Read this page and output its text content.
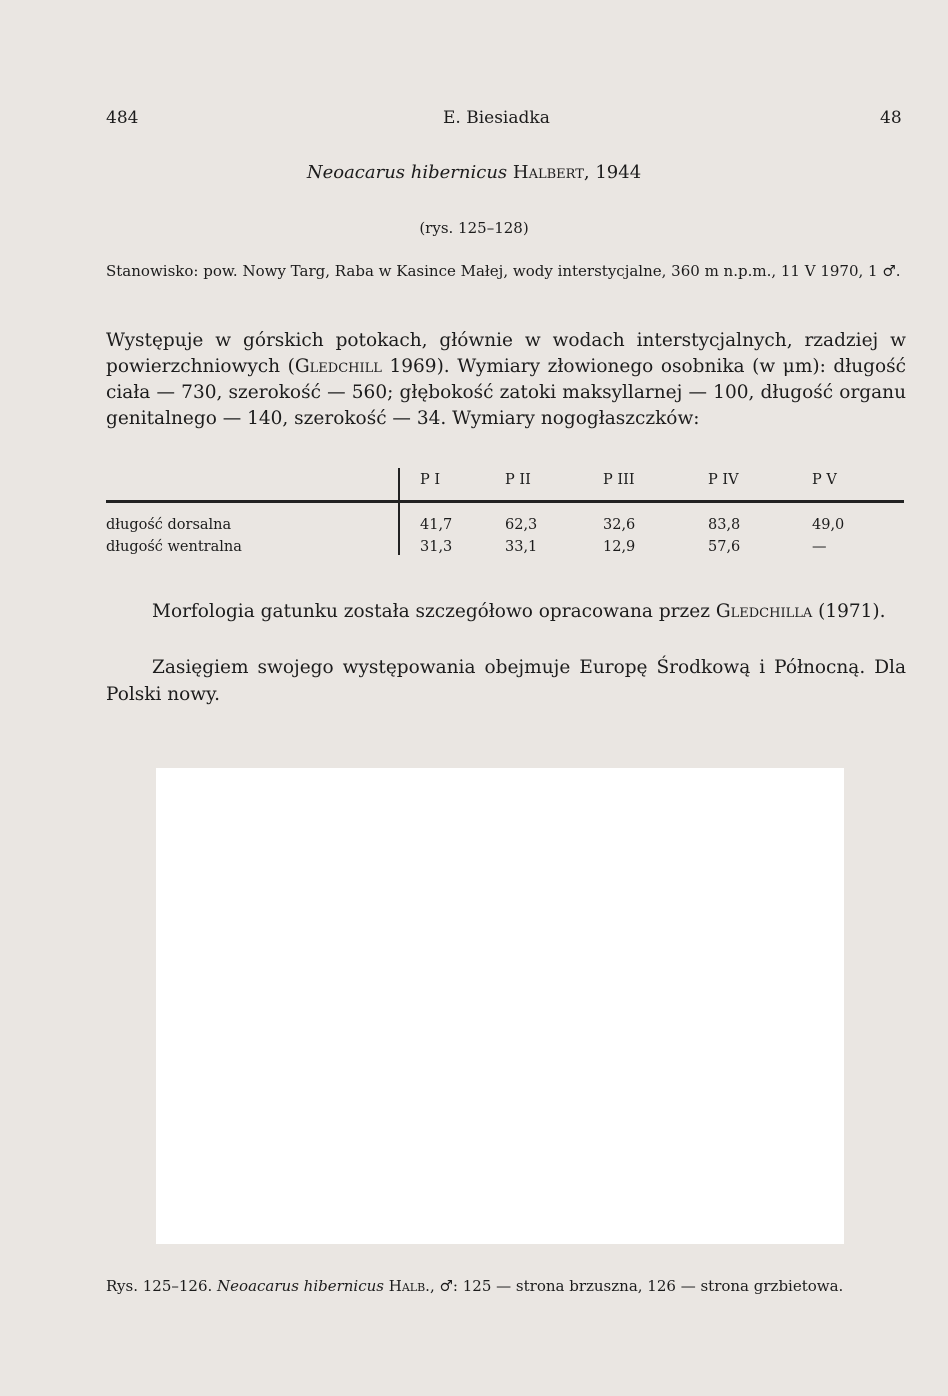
484	E. Biesiadka	48
Neoacarus hibernicus Halbert, 1944
(rys. 125–128)
Stanowisko: pow. Nowy Targ, Raba w Kasince Małej, wody interstycjalne, 360 m n.p.m., 11 V 1970, 1 ♂.
Występuje w górskich potokach, głównie w wodach interstycjalnych, rzadziej w powierzchniowych (Gledchill 1969). Wymiary złowionego osobnika (w μm): długość ciała — 730, szerokość — 560; głębokość zatoki maksyllarnej — 100, długość organu genitalnego — 140, szerokość — 34. Wymiary nogogłaszczków:
	P I	P II	P III	P IV	P V
długość dorsalna	41,7	62,3	32,6	83,8	49,0
długość wentralna	31,3	33,1	12,9	57,6	—
Morfologia gatunku została szczegółowo opracowana przez Gledchilla (1971).
Zasięgiem swojego występowania obejmuje Europę Środkową i Północną. Dla Polski nowy.
Rys. 125–126. Neoacarus hibernicus Halb., ♂: 125 — strona brzuszna, 126 — strona grzbietowa.
